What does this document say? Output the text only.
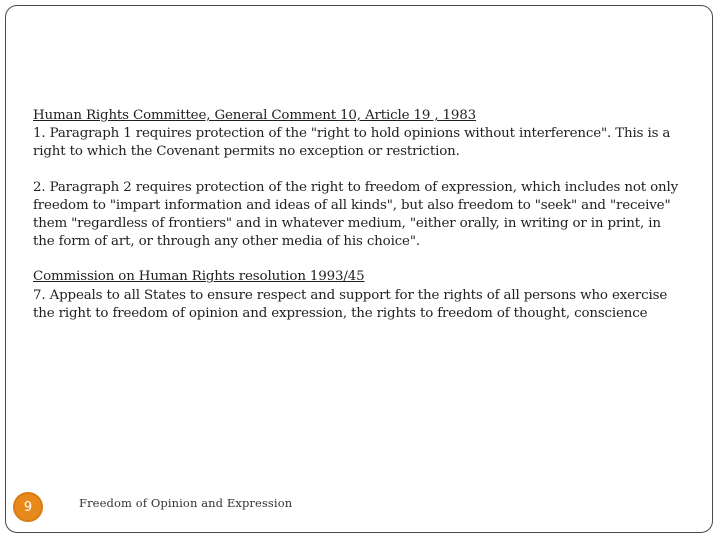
Human Rights Committee, General Comment 10, Article 19 , 1983

1. Paragraph 1 requires protection of the "right to hold opinions without interference". This is a right to which the Covenant permits no exception or restriction.

2. Paragraph 2 requires protection of the right to freedom of expression, which includes not only freedom to "impart information and ideas of all kinds", but also freedom to "seek" and "receive" them "regardless of frontiers" and in whatever medium, "either orally, in writing or in print, in the form of art, or through any other media of his choice".

Commission on Human Rights resolution 1993/45

7. Appeals to all States to ensure respect and support for the rights of all persons who exercise the right to freedom of opinion and expression, the rights to freedom of thought, conscience

9	Freedom of Opinion and Expression
